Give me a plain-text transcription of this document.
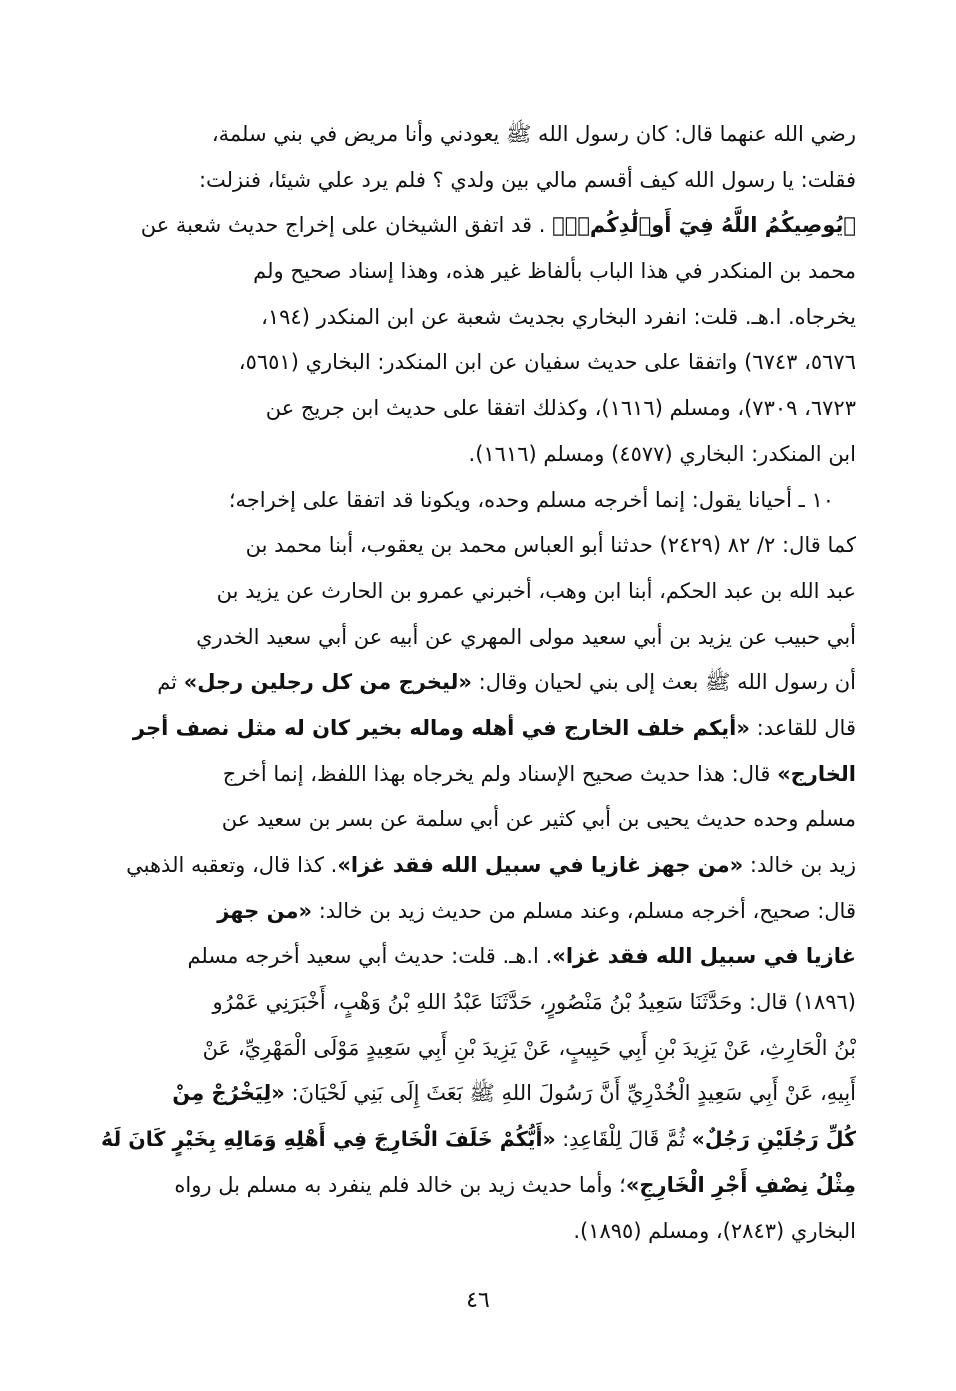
رضي الله عنهما قال: كان رسول الله ﷺ يعودني وأنا مريض في بني سلمة،
فقلت: يا رسول الله كيف أقسم مالي بين ولدي ؟ فلم يرد علي شيئا، فنزلت:
﴿يُوصِيكُمُ اللَّهُ فِيٓ أَوۡلَٰدِكُمۡۖ﴾ . قد اتفق الشيخان على إخراج حديث شعبة عن
محمد بن المنكدر في هذا الباب بألفاظ غير هذه، وهذا إسناد صحيح ولم
يخرجاه. ا.هـ. قلت: انفرد البخاري بجديث شعبة عن ابن المنكدر (١٩٤،
٥٦٧٦، ٦٧٤٣) واتفقا على حديث سفيان عن ابن المنكدر: البخاري (٥٦٥١،
٦٧٢٣، ٧٣٠٩)، ومسلم (١٦١٦)، وكذلك اتفقا على حديث ابن جريج عن
ابن المنكدر: البخاري (٤٥٧٧) ومسلم (١٦١٦).
١٠ ـ أحيانا يقول: إنما أخرجه مسلم وحده، ويكونا قد اتفقا على إخراجه؛
كما قال: ٢/ ٨٢ (٢٤٢٩) حدثنا أبو العباس محمد بن يعقوب، أبنا محمد بن
عبد الله بن عبد الحكم، أبنا ابن وهب، أخبرني عمرو بن الحارث عن يزيد بن
أبي حبيب عن يزيد بن أبي سعيد مولى المهري عن أبيه عن أبي سعيد الخدري
أن رسول الله ﷺ بعث إلى بني لحيان وقال: «ليخرج من كل رجلين رجل» ثم
قال للقاعد: «أيكم خلف الخارج في أهله وماله بخير كان له مثل نصف أجر
الخارج» قال: هذا حديث صحيح الإسناد ولم يخرجاه بهذا اللفظ، إنما أخرج
مسلم وحده حديث يحيى بن أبي كثير عن أبي سلمة عن بسر بن سعيد عن
زيد بن خالد: «من جهز غازيا في سبيل الله فقد غزا». كذا قال، وتعقبه الذهبي
قال: صحيح، أخرجه مسلم، وعند مسلم من حديث زيد بن خالد: «من جهز
غازيا في سبيل الله فقد غزا». ا.هـ. قلت: حديث أبي سعيد أخرجه مسلم
(١٨٩٦) قال: وحَدَّثَنَا سَعِيدُ بْنُ مَنْصُورٍ، حَدَّثَنَا عَبْدُ اللهِ بْنُ وَهْبٍ، أَخْبَرَنِي عَمْرُو
بْنُ الْحَارِثِ، عَنْ يَزِيدَ بْنِ أَبِي حَبِيبٍ، عَنْ يَزِيدَ بْنِ أَبِي سَعِيدٍ مَوْلَى الْمَهْرِيِّ، عَنْ
أَبِيهِ، عَنْ أَبِي سَعِيدٍ الْخُدْرِيِّ أَنَّ رَسُولَ اللهِ ﷺ بَعَثَ إِلَى بَنِي لَحْيَانَ: «لِيَخْرُجْ مِنْ
كُلِّ رَجُلَيْنِ رَجُلٌ» ثُمَّ قَالَ لِلْقَاعِدِ: «أَيُّكُمْ خَلَفَ الْخَارِجَ فِي أَهْلِهِ وَمَالِهِ بِخَيْرٍ كَانَ لَهُ
مِثْلُ نِصْفِ أَجْرِ الْخَارِجِ»؛ وأما حديث زيد بن خالد فلم ينفرد به مسلم بل رواه
البخاري (٢٨٤٣)، ومسلم (١٨٩٥).
٤٦
